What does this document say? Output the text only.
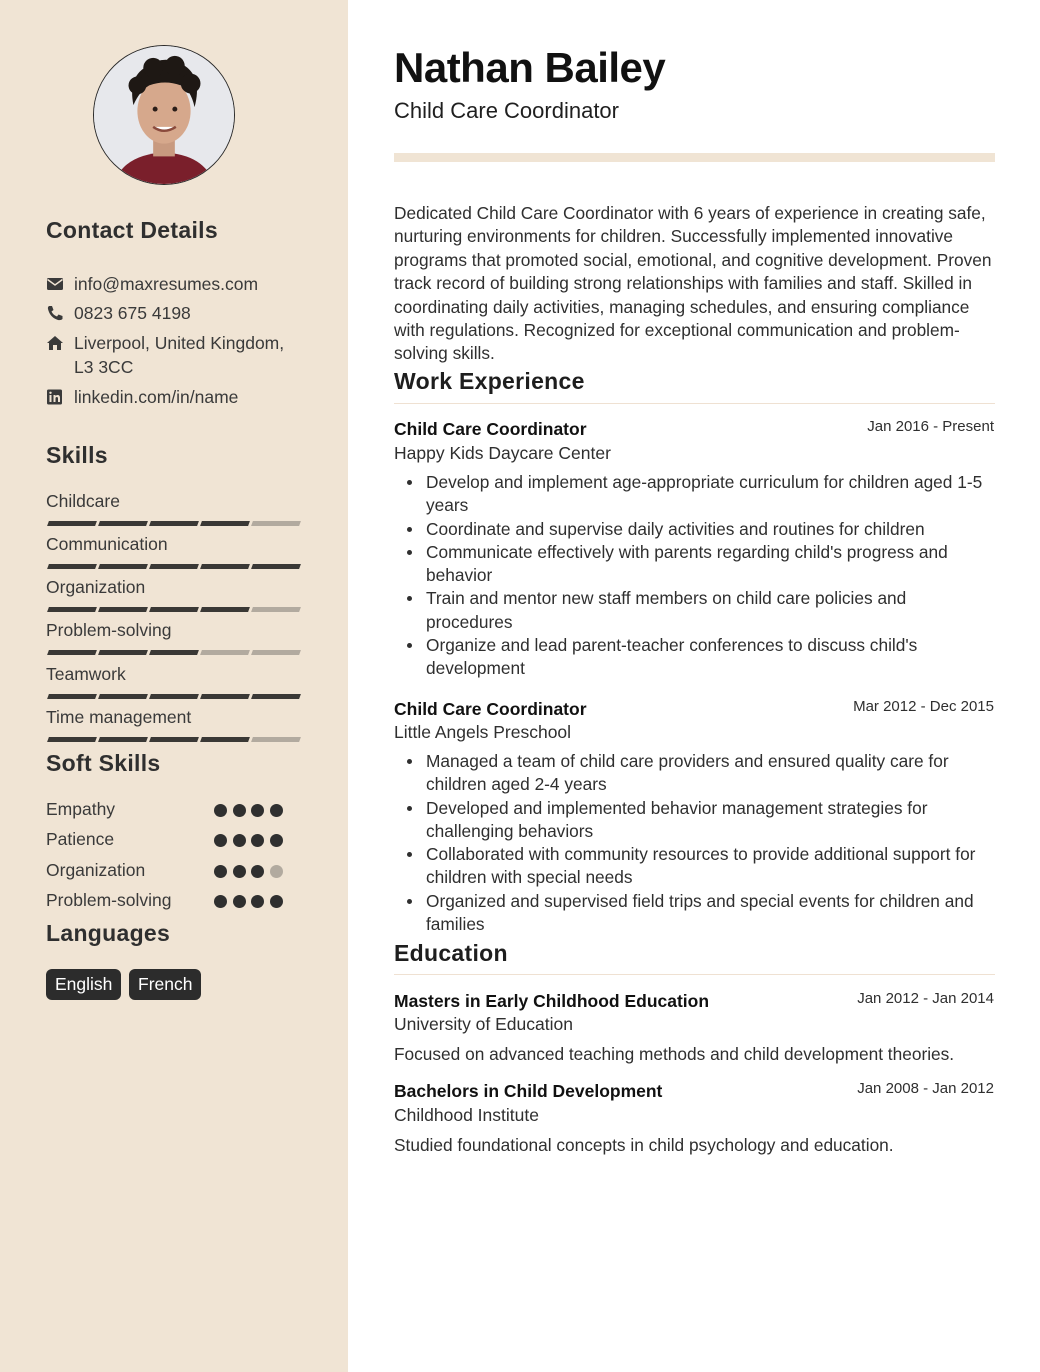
Contact Details
info@maxresumes.com
0823 675 4198
Liverpool, United Kingdom,
L3 3CC
linkedin.com/in/name
Skills
Childcare
Communication
Organization
Problem-solving
Teamwork
Time management
Soft Skills
Empathy
Patience
Organization
Problem-solving
Languages
English	French
Nathan Bailey
Child Care Coordinator

Dedicated Child Care Coordinator with 6 years of experience in creating safe, nurturing environments for children. Successfully implemented innovative programs that promoted social, emotional, and cognitive development. Proven track record of building strong relationships with families and staff. Skilled in coordinating daily activities, managing schedules, and ensuring compliance with regulations. Recognized for exceptional communication and problem-solving skills.

Work Experience
Child Care Coordinator	Jan 2016 - Present
Happy Kids Daycare Center
Develop and implement age-appropriate curriculum for children aged 1-5 years
Coordinate and supervise daily activities and routines for children
Communicate effectively with parents regarding child's progress and behavior
Train and mentor new staff members on child care policies and procedures
Organize and lead parent-teacher conferences to discuss child's development
Child Care Coordinator	Mar 2012 - Dec 2015
Little Angels Preschool
Managed a team of child care providers and ensured quality care for children aged 2-4 years
Developed and implemented behavior management strategies for challenging behaviors
Collaborated with community resources to provide additional support for children with special needs
Organized and supervised field trips and special events for children and families
Education
Masters in Early Childhood Education	Jan 2012 - Jan 2014
University of Education
Focused on advanced teaching methods and child development theories.
Bachelors in Child Development	Jan 2008 - Jan 2012
Childhood Institute
Studied foundational concepts in child psychology and education.
